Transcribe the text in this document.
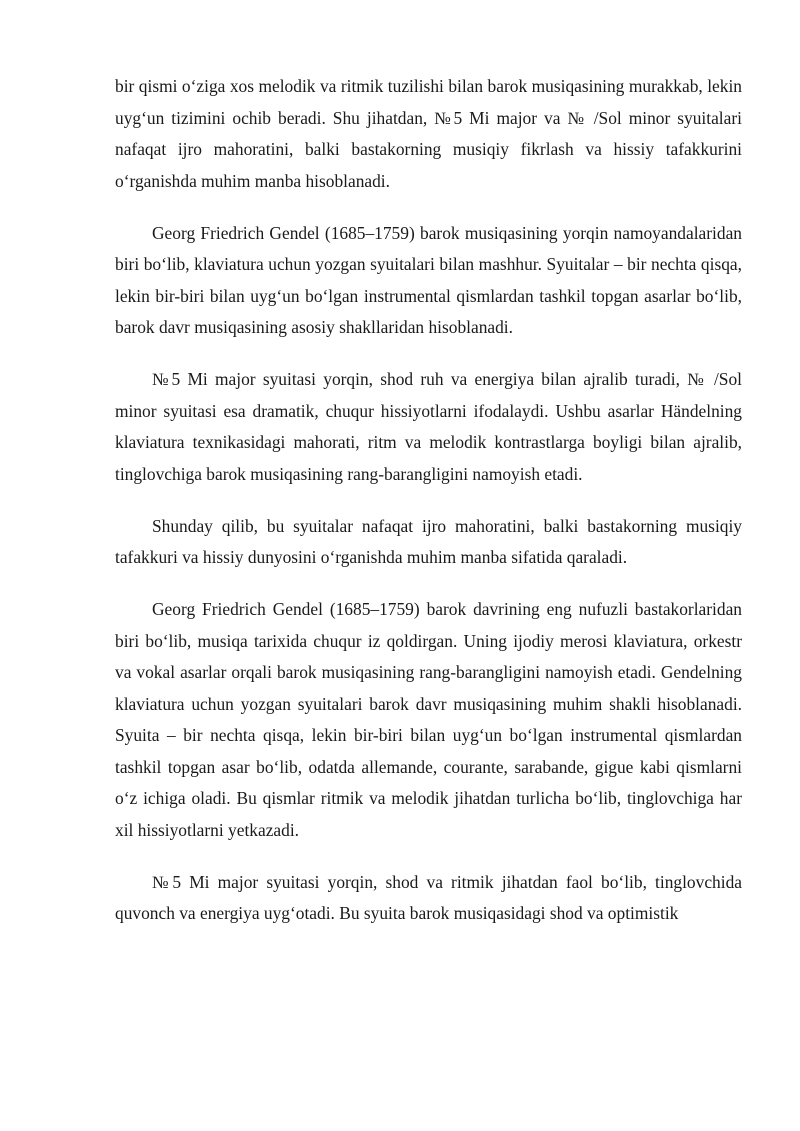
bir qismi o‘ziga xos melodik va ritmik tuzilishi bilan barok musiqasining murakkab, lekin uyg‘un tizimini ochib beradi. Shu jihatdan, №5 Mi major va № /Sol minor syuitalari nafaqat ijro mahoratini, balki bastakorning musiqiy fikrlash va hissiy tafakkurini o‘rganishda muhim manba hisoblanadi.

Georg Friedrich Gendel (1685–1759) barok musiqasining yorqin namoyandalaridan biri bo‘lib, klaviatura uchun yozgan syuitalari bilan mashhur. Syuitalar – bir nechta qisqa, lekin bir-biri bilan uyg‘un bo‘lgan instrumental qismlardan tashkil topgan asarlar bo‘lib, barok davr musiqasining asosiy shakllaridan hisoblanadi.

№5 Mi major syuitasi yorqin, shod ruh va energiya bilan ajralib turadi, № /Sol minor syuitasi esa dramatik, chuqur hissiyotlarni ifodalaydi. Ushbu asarlar Händelning klaviatura texnikasidagi mahorati, ritm va melodik kontrastlarga boyligi bilan ajralib, tinglovchiga barok musiqasining rang-barangligini namoyish etadi.

Shunday qilib, bu syuitalar nafaqat ijro mahoratini, balki bastakorning musiqiy tafakkuri va hissiy dunyosini o‘rganishda muhim manba sifatida qaraladi.

Georg Friedrich Gendel (1685–1759) barok davrining eng nufuzli bastakorlaridan biri bo‘lib, musiqa tarixida chuqur iz qoldirgan. Uning ijodiy merosi klaviatura, orkestr va vokal asarlar orqali barok musiqasining rang-barangligini namoyish etadi. Gendelning klaviatura uchun yozgan syuitalari barok davr musiqasining muhim shakli hisoblanadi. Syuita – bir nechta qisqa, lekin bir-biri bilan uyg‘un bo‘lgan instrumental qismlardan tashkil topgan asar bo‘lib, odatda allemande, courante, sarabande, gigue kabi qismlarni o‘z ichiga oladi. Bu qismlar ritmik va melodik jihatdan turlicha bo‘lib, tinglovchiga har xil hissiyotlarni yetkazadi.

№5 Mi major syuitasi yorqin, shod va ritmik jihatdan faol bo‘lib, tinglovchida quvonch va energiya uyg‘otadi. Bu syuita barok musiqasidagi shod va optimistik
